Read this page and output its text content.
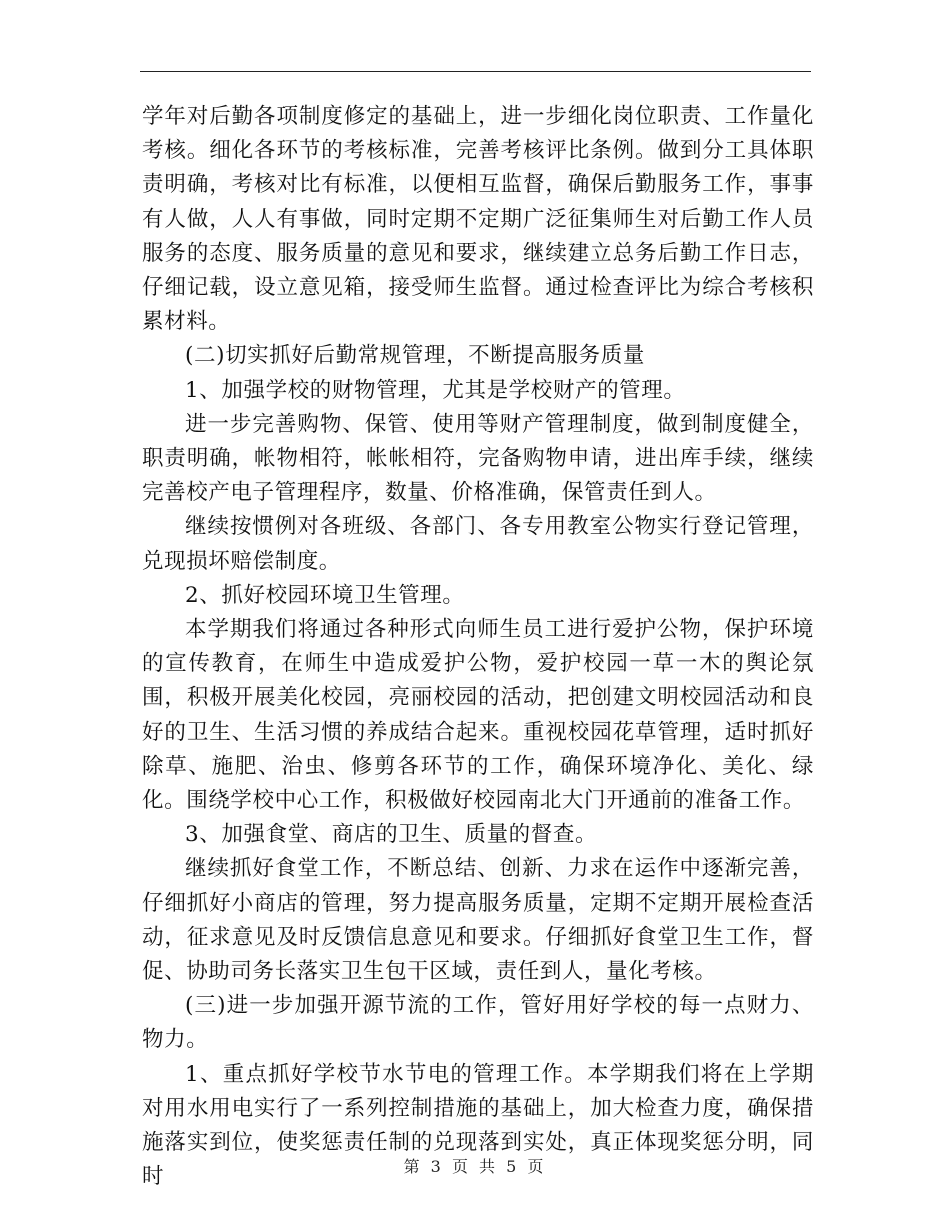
学年对后勤各项制度修定的基础上，进一步细化岗位职责、工作量化考核。细化各环节的考核标准，完善考核评比条例。做到分工具体职责明确，考核对比有标准，以便相互监督，确保后勤服务工作，事事有人做，人人有事做，同时定期不定期广泛征集师生对后勤工作人员服务的态度、服务质量的意见和要求，继续建立总务后勤工作日志，仔细记载，设立意见箱，接受师生监督。通过检查评比为综合考核积累材料。

(二)切实抓好后勤常规管理，不断提高服务质量

1、加强学校的财物管理，尤其是学校财产的管理。

进一步完善购物、保管、使用等财产管理制度，做到制度健全，职责明确，帐物相符，帐帐相符，完备购物申请，进出库手续，继续完善校产电子管理程序，数量、价格准确，保管责任到人。

继续按惯例对各班级、各部门、各专用教室公物实行登记管理，兑现损坏赔偿制度。

2、抓好校园环境卫生管理。

本学期我们将通过各种形式向师生员工进行爱护公物，保护环境的宣传教育，在师生中造成爱护公物，爱护校园一草一木的舆论氛围，积极开展美化校园，亮丽校园的活动，把创建文明校园活动和良好的卫生、生活习惯的养成结合起来。重视校园花草管理，适时抓好除草、施肥、治虫、修剪各环节的工作，确保环境净化、美化、绿化。围绕学校中心工作，积极做好校园南北大门开通前的准备工作。

3、加强食堂、商店的卫生、质量的督查。

继续抓好食堂工作，不断总结、创新、力求在运作中逐渐完善，仔细抓好小商店的管理，努力提高服务质量，定期不定期开展检查活动，征求意见及时反馈信息意见和要求。仔细抓好食堂卫生工作，督促、协助司务长落实卫生包干区域，责任到人，量化考核。

(三)进一步加强开源节流的工作，管好用好学校的每一点财力、物力。

1、重点抓好学校节水节电的管理工作。本学期我们将在上学期对用水用电实行了一系列控制措施的基础上，加大检查力度，确保措施落实到位，使奖惩责任制的兑现落到实处，真正体现奖惩分明，同时	第 3 页 共 5 页
